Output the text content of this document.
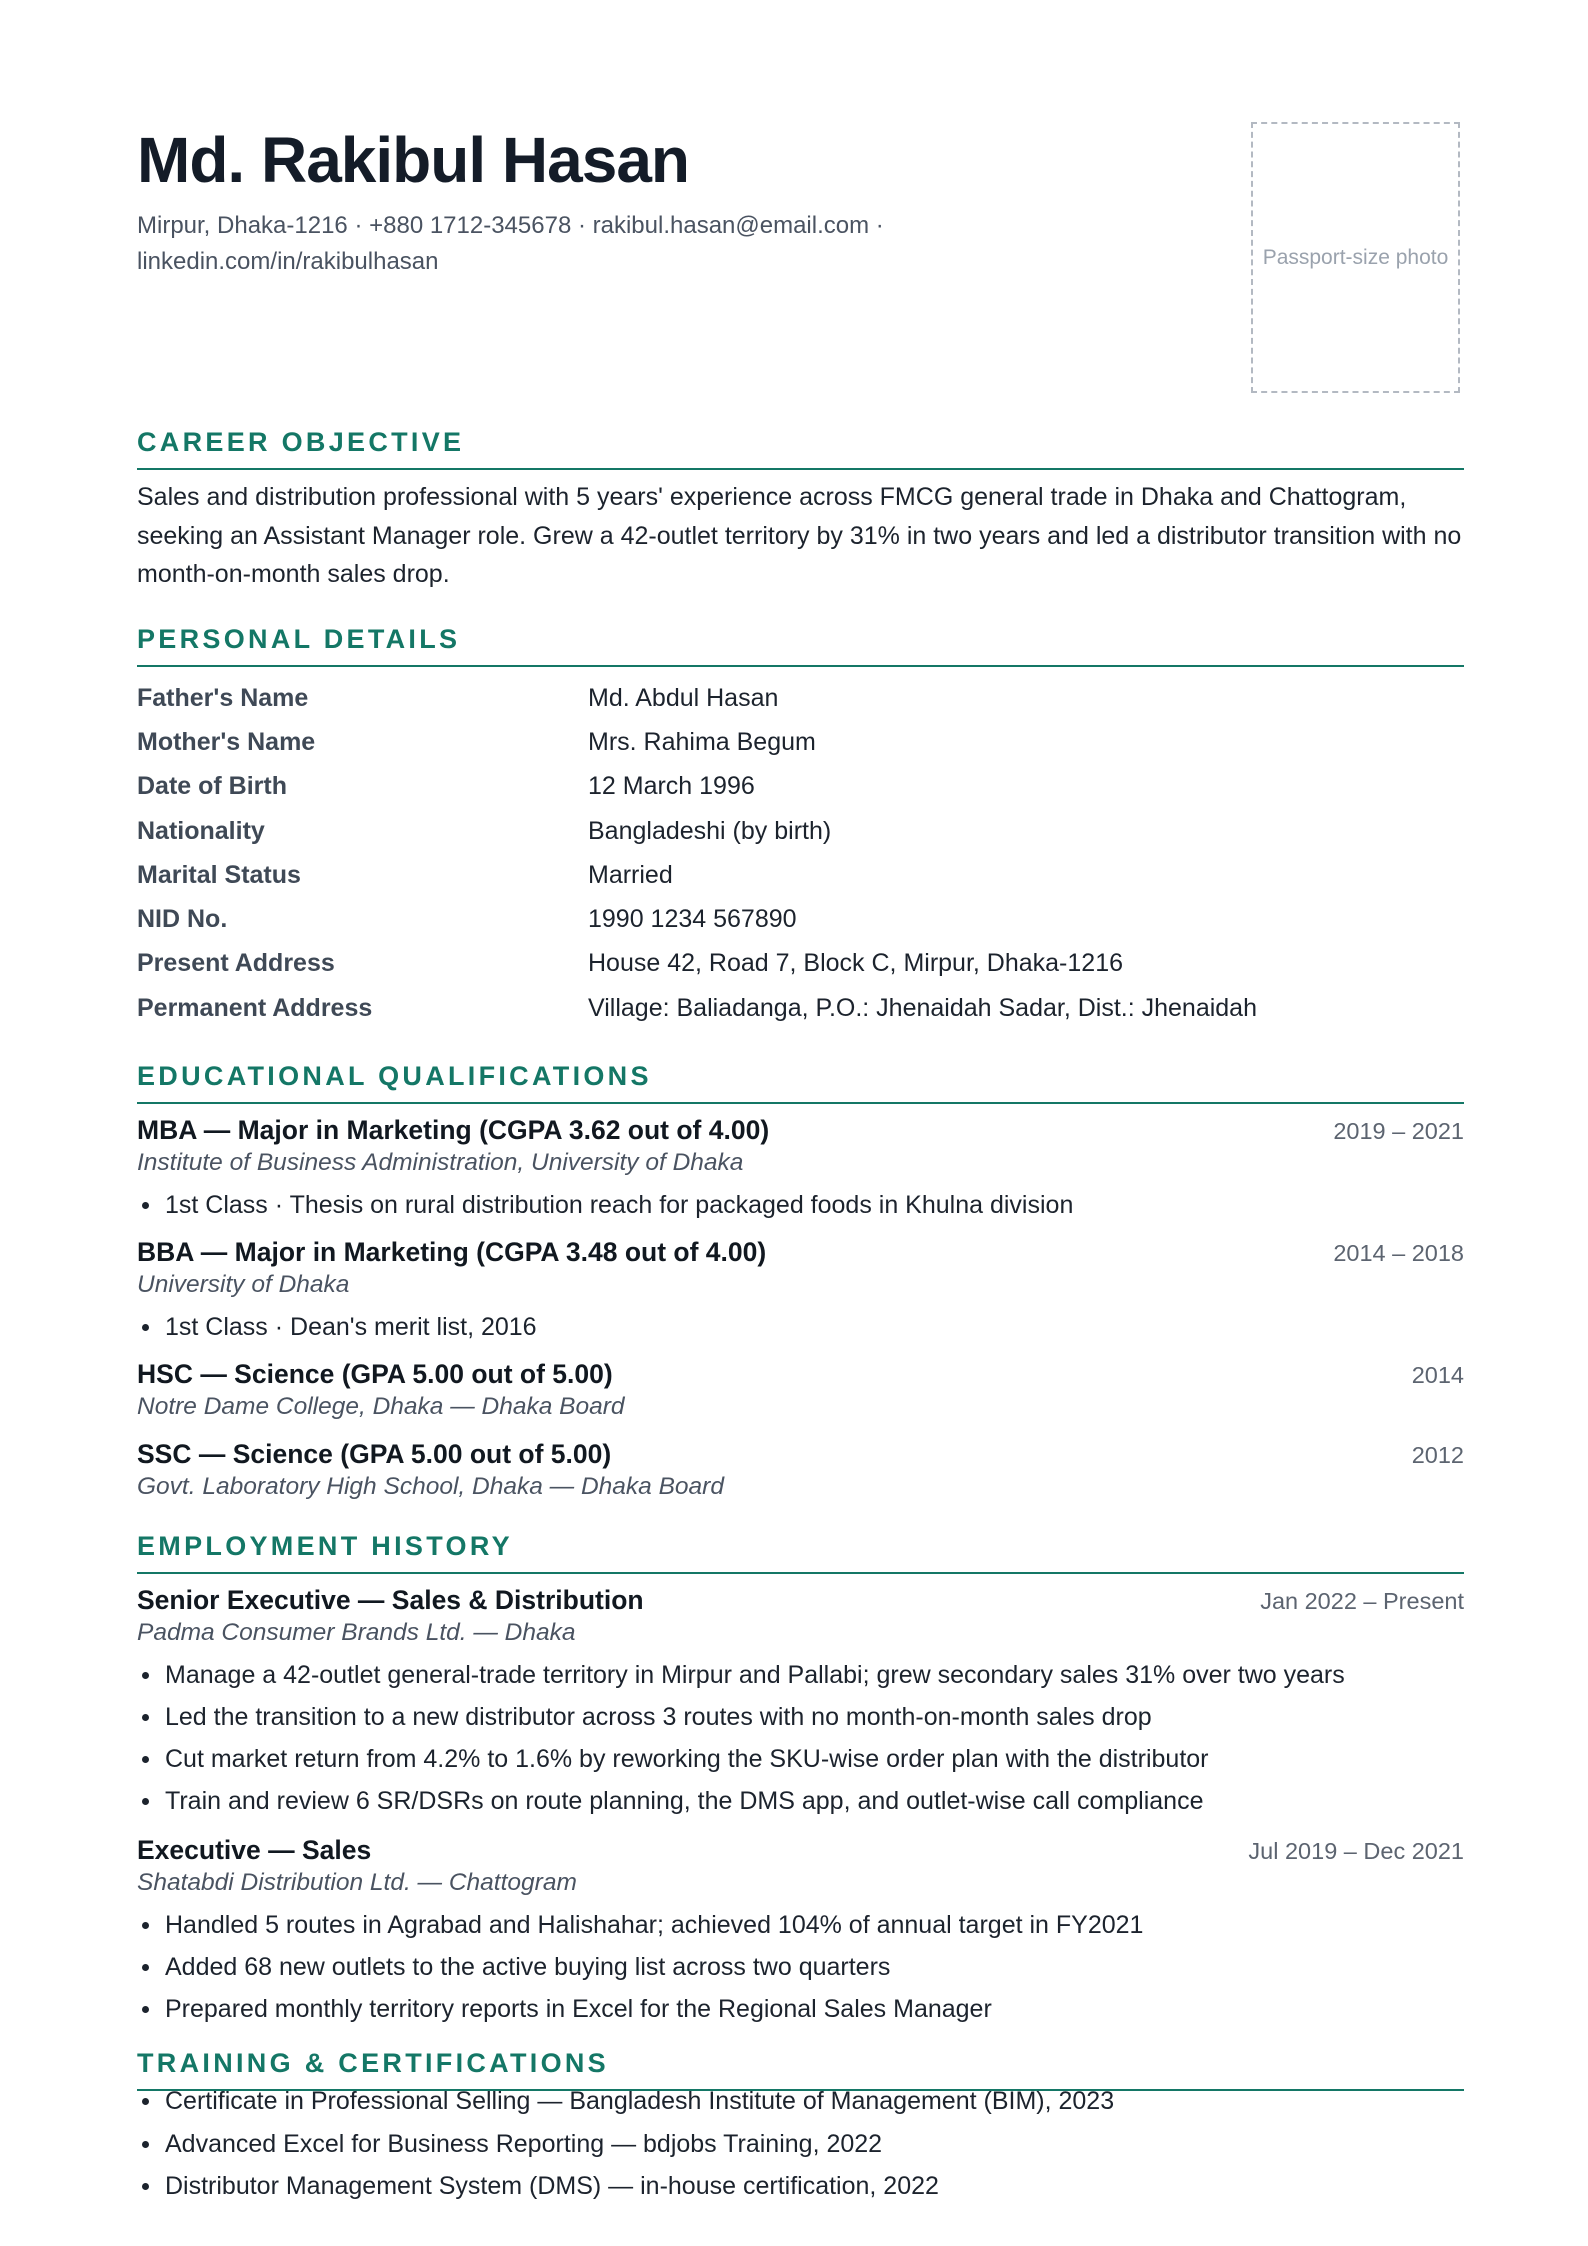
Md. Rakibul Hasan
Mirpur, Dhaka-1216 · +880 1712-345678 · rakibul.hasan@email.com ·
linkedin.com/in/rakibulhasan	Passport-size photo
CAREER OBJECTIVE
Sales and distribution professional with 5 years' experience across FMCG general trade in Dhaka and Chattogram, seeking an Assistant Manager role. Grew a 42-outlet territory by 31% in two years and led a distributor transition with no month-on-month sales drop.
PERSONAL DETAILS
Father's Name	Md. Abdul Hasan
Mother's Name	Mrs. Rahima Begum
Date of Birth	12 March 1996
Nationality	Bangladeshi (by birth)
Marital Status	Married
NID No.	1990 1234 567890
Present Address	House 42, Road 7, Block C, Mirpur, Dhaka-1216
Permanent Address	Village: Baliadanga, P.O.: Jhenaidah Sadar, Dist.: Jhenaidah
EDUCATIONAL QUALIFICATIONS
MBA — Major in Marketing (CGPA 3.62 out of 4.00)	2019 – 2021
Institute of Business Administration, University of Dhaka
1st Class · Thesis on rural distribution reach for packaged foods in Khulna division
BBA — Major in Marketing (CGPA 3.48 out of 4.00)	2014 – 2018
University of Dhaka
1st Class · Dean's merit list, 2016
HSC — Science (GPA 5.00 out of 5.00)	2014
Notre Dame College, Dhaka — Dhaka Board
SSC — Science (GPA 5.00 out of 5.00)	2012
Govt. Laboratory High School, Dhaka — Dhaka Board
EMPLOYMENT HISTORY
Senior Executive — Sales & Distribution	Jan 2022 – Present
Padma Consumer Brands Ltd. — Dhaka
Manage a 42-outlet general-trade territory in Mirpur and Pallabi; grew secondary sales 31% over two years
Led the transition to a new distributor across 3 routes with no month-on-month sales drop
Cut market return from 4.2% to 1.6% by reworking the SKU-wise order plan with the distributor
Train and review 6 SR/DSRs on route planning, the DMS app, and outlet-wise call compliance
Executive — Sales	Jul 2019 – Dec 2021
Shatabdi Distribution Ltd. — Chattogram
Handled 5 routes in Agrabad and Halishahar; achieved 104% of annual target in FY2021
Added 68 new outlets to the active buying list across two quarters
Prepared monthly territory reports in Excel for the Regional Sales Manager
TRAINING & CERTIFICATIONS
Certificate in Professional Selling — Bangladesh Institute of Management (BIM), 2023
Advanced Excel for Business Reporting — bdjobs Training, 2022
Distributor Management System (DMS) — in-house certification, 2022
